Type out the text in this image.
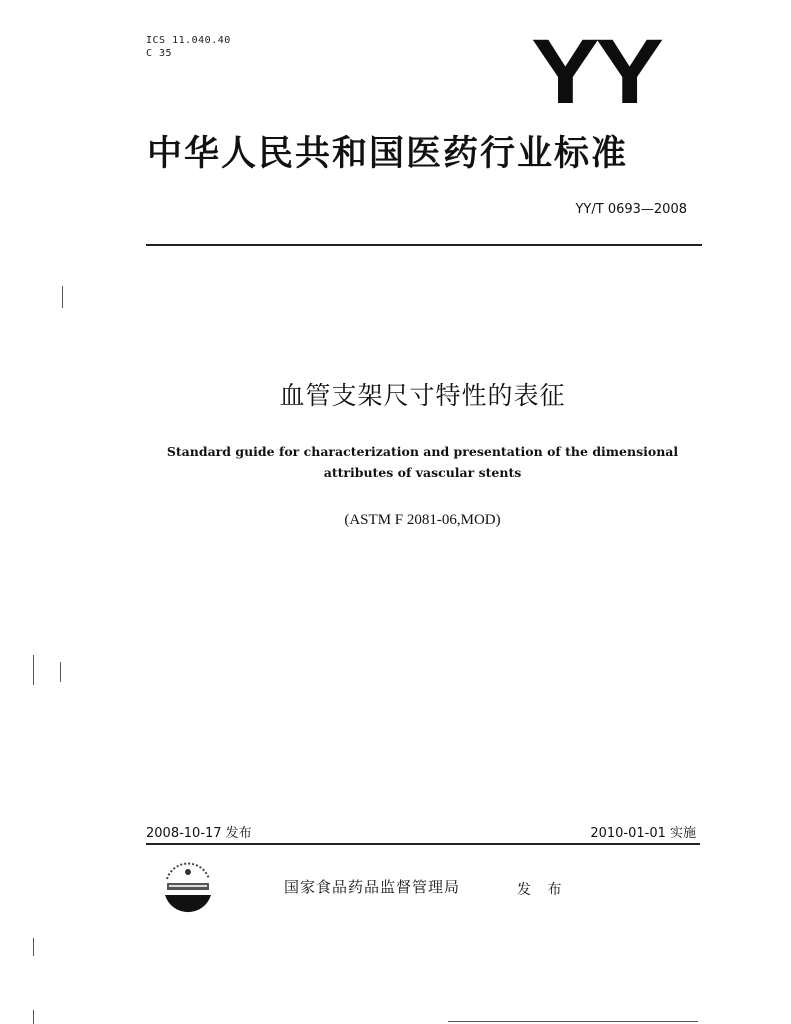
ICS 11.040.40
C 35	YY
中华人民共和国医药行业标准
YY/T 0693—2008
血管支架尺寸特性的表征
Standard guide for characterization and presentation of the dimensional
attributes of vascular stents
(ASTM F 2081-06,MOD)
2008-10-17 发布	2010-01-01 实施
国家食品药品监督管理局	发 布
